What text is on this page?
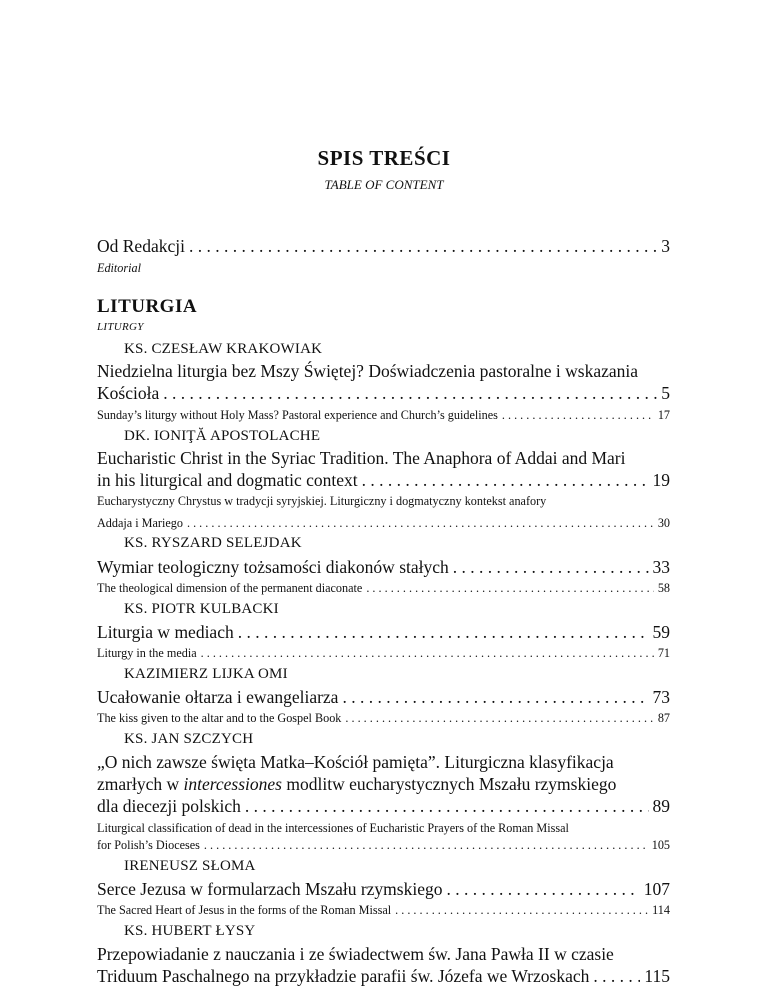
SPIS TREŚCI
TABLE OF CONTENT
Od Redakcji . . .	3
Editorial
LITURGIA
LITURGY
KS. CZESŁAW KRAKOWIAK
Niedzielna liturgia bez Mszy Świętej? Doświadczenia pastoralne i wskazania
Kościoła . . .	5
Sunday’s liturgy without Holy Mass? Pastoral experience and Church’s guidelines . . .	17
DK. IONIŢĂ APOSTOLACHE
Eucharistic Christ in the Syriac Tradition. The Anaphora of Addai and Mari
in his liturgical and dogmatic context . . .	19
Eucharystyczny Chrystus w tradycji syryjskiej. Liturgiczny i dogmatyczny kontekst anafory
Addaja i Mariego . . .	30
KS. RYSZARD SELEJDAK
Wymiar teologiczny tożsamości diakonów stałych . . .	33
The theological dimension of the permanent diaconate . . .	58
KS. PIOTR KULBACKI
Liturgia w mediach . . .	59
Liturgy in the media . . .	71
KAZIMIERZ LIJKA OMI
Ucałowanie ołtarza i ewangeliarza . . .	73
The kiss given to the altar and to the Gospel Book . . .	87
KS. JAN SZCZYCH
„O nich zawsze święta Matka–Kościół pamięta”. Liturgiczna klasyfikacja
zmarłych w intercessiones modlitw eucharystycznych Mszału rzymskiego
dla diecezji polskich . . .	89
Liturgical classification of dead in the intercessiones of Eucharistic Prayers of the Roman Missal
for Polish’s Dioceses . . .	105
IRENEUSZ SŁOMA
Serce Jezusa w formularzach Mszału rzymskiego . . .	107
The Sacred Heart of Jesus in the forms of the Roman Missal . . .	114
KS. HUBERT ŁYSY
Przepowiadanie z nauczania i ze świadectwem św. Jana Pawła II w czasie
Triduum Paschalnego na przykładzie parafii św. Józefa we Wrzoskach . . .	115
